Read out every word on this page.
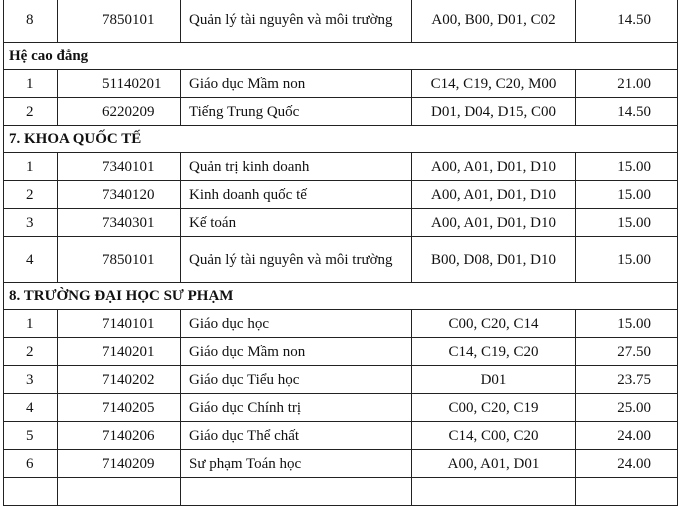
8	7850101	Quản lý tài nguyên và môi trường	A00, B00, D01, C02	14.50
Hệ cao đẳng				
1	51140201	Giáo dục Mầm non	C14, C19, C20, M00	21.00
2	6220209	Tiếng Trung Quốc	D01, D04, D15, C00	14.50
7. KHOA QUỐC TẾ				
1	7340101	Quản trị kinh doanh	A00, A01, D01, D10	15.00
2	7340120	Kinh doanh quốc tế	A00, A01, D01, D10	15.00
3	7340301	Kế toán	A00, A01, D01, D10	15.00
4	7850101	Quản lý tài nguyên và môi trường	B00, D08, D01, D10	15.00
8. TRƯỜNG ĐẠI HỌC SƯ PHẠM				
1	7140101	Giáo dục học	C00, C20, C14	15.00
2	7140201	Giáo dục Mầm non	C14, C19, C20	27.50
3	7140202	Giáo dục Tiểu học	D01	23.75
4	7140205	Giáo dục Chính trị	C00, C20, C19	25.00
5	7140206	Giáo dục Thể chất	C14, C00, C20	24.00
6	7140209	Sư phạm Toán học	A00, A01, D01	24.00
